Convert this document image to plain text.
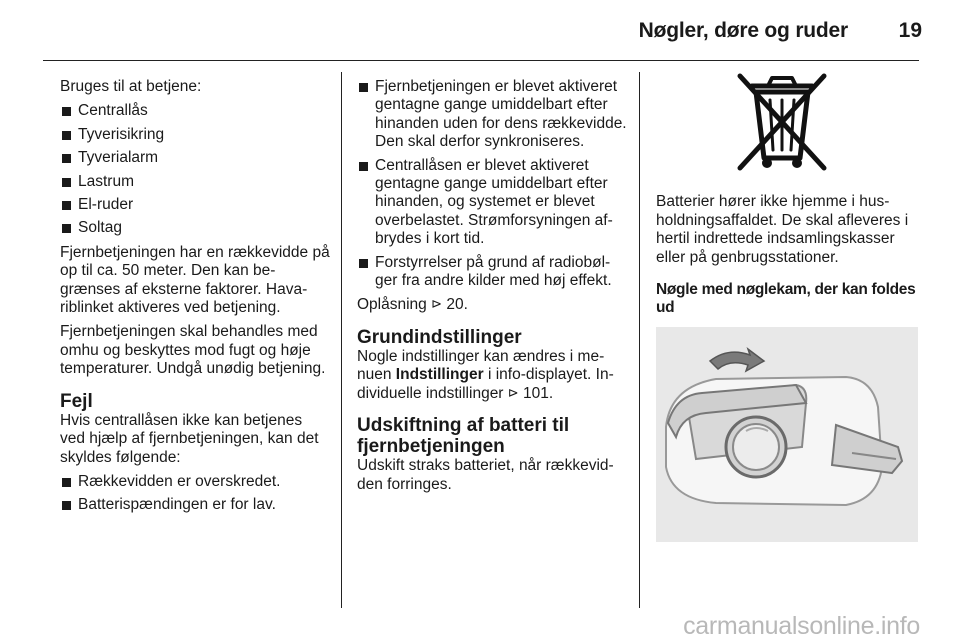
Nøgler, døre og ruder	19

Bruges til at betjene:

Centrallås
Tyverisikring
Tyverialarm
Lastrum
El-ruder
Soltag

Fjernbetjeningen har en rækkevidde på op til ca. 50 meter. Den kan begrænses af eksterne faktorer. Havariblinket aktiveres ved betjening.

Fjernbetjeningen skal behandles med omhu og beskyttes mod fugt og høje temperaturer. Undgå unødig betjening.

Fejl

Hvis centrallåsen ikke kan betjenes ved hjælp af fjernbetjeningen, kan det skyldes følgende:

Rækkevidden er overskredet.
Batterispændingen er for lav.
Fjernbetjeningen er blevet aktiveret gentagne gange umiddelbart efter hinanden uden for dens rækkevidde. Den skal derfor synkroniseres.
Centrallåsen er blevet aktiveret gentagne gange umiddelbart efter hinanden, og systemet er blevet overbelastet. Strømforsyningen afbrydes i kort tid.
Forstyrrelser på grund af radiobølger fra andre kilder med høj effekt.

Oplåsning ⊳ 20.

Grundindstillinger

Nogle indstillinger kan ændres i menuen Indstillinger i info-displayet. Individuelle indstillinger ⊳ 101.

Udskiftning af batteri til fjernbetjeningen

Udskift straks batteriet, når rækkevidden forringes.

Batterier hører ikke hjemme i husholdningsaffaldet. De skal afleveres i hertil indrettede indsamlingskasser eller på genbrugsstationer.

Nøgle med nøglekam, der kan foldes ud
carmanualsonline.info
